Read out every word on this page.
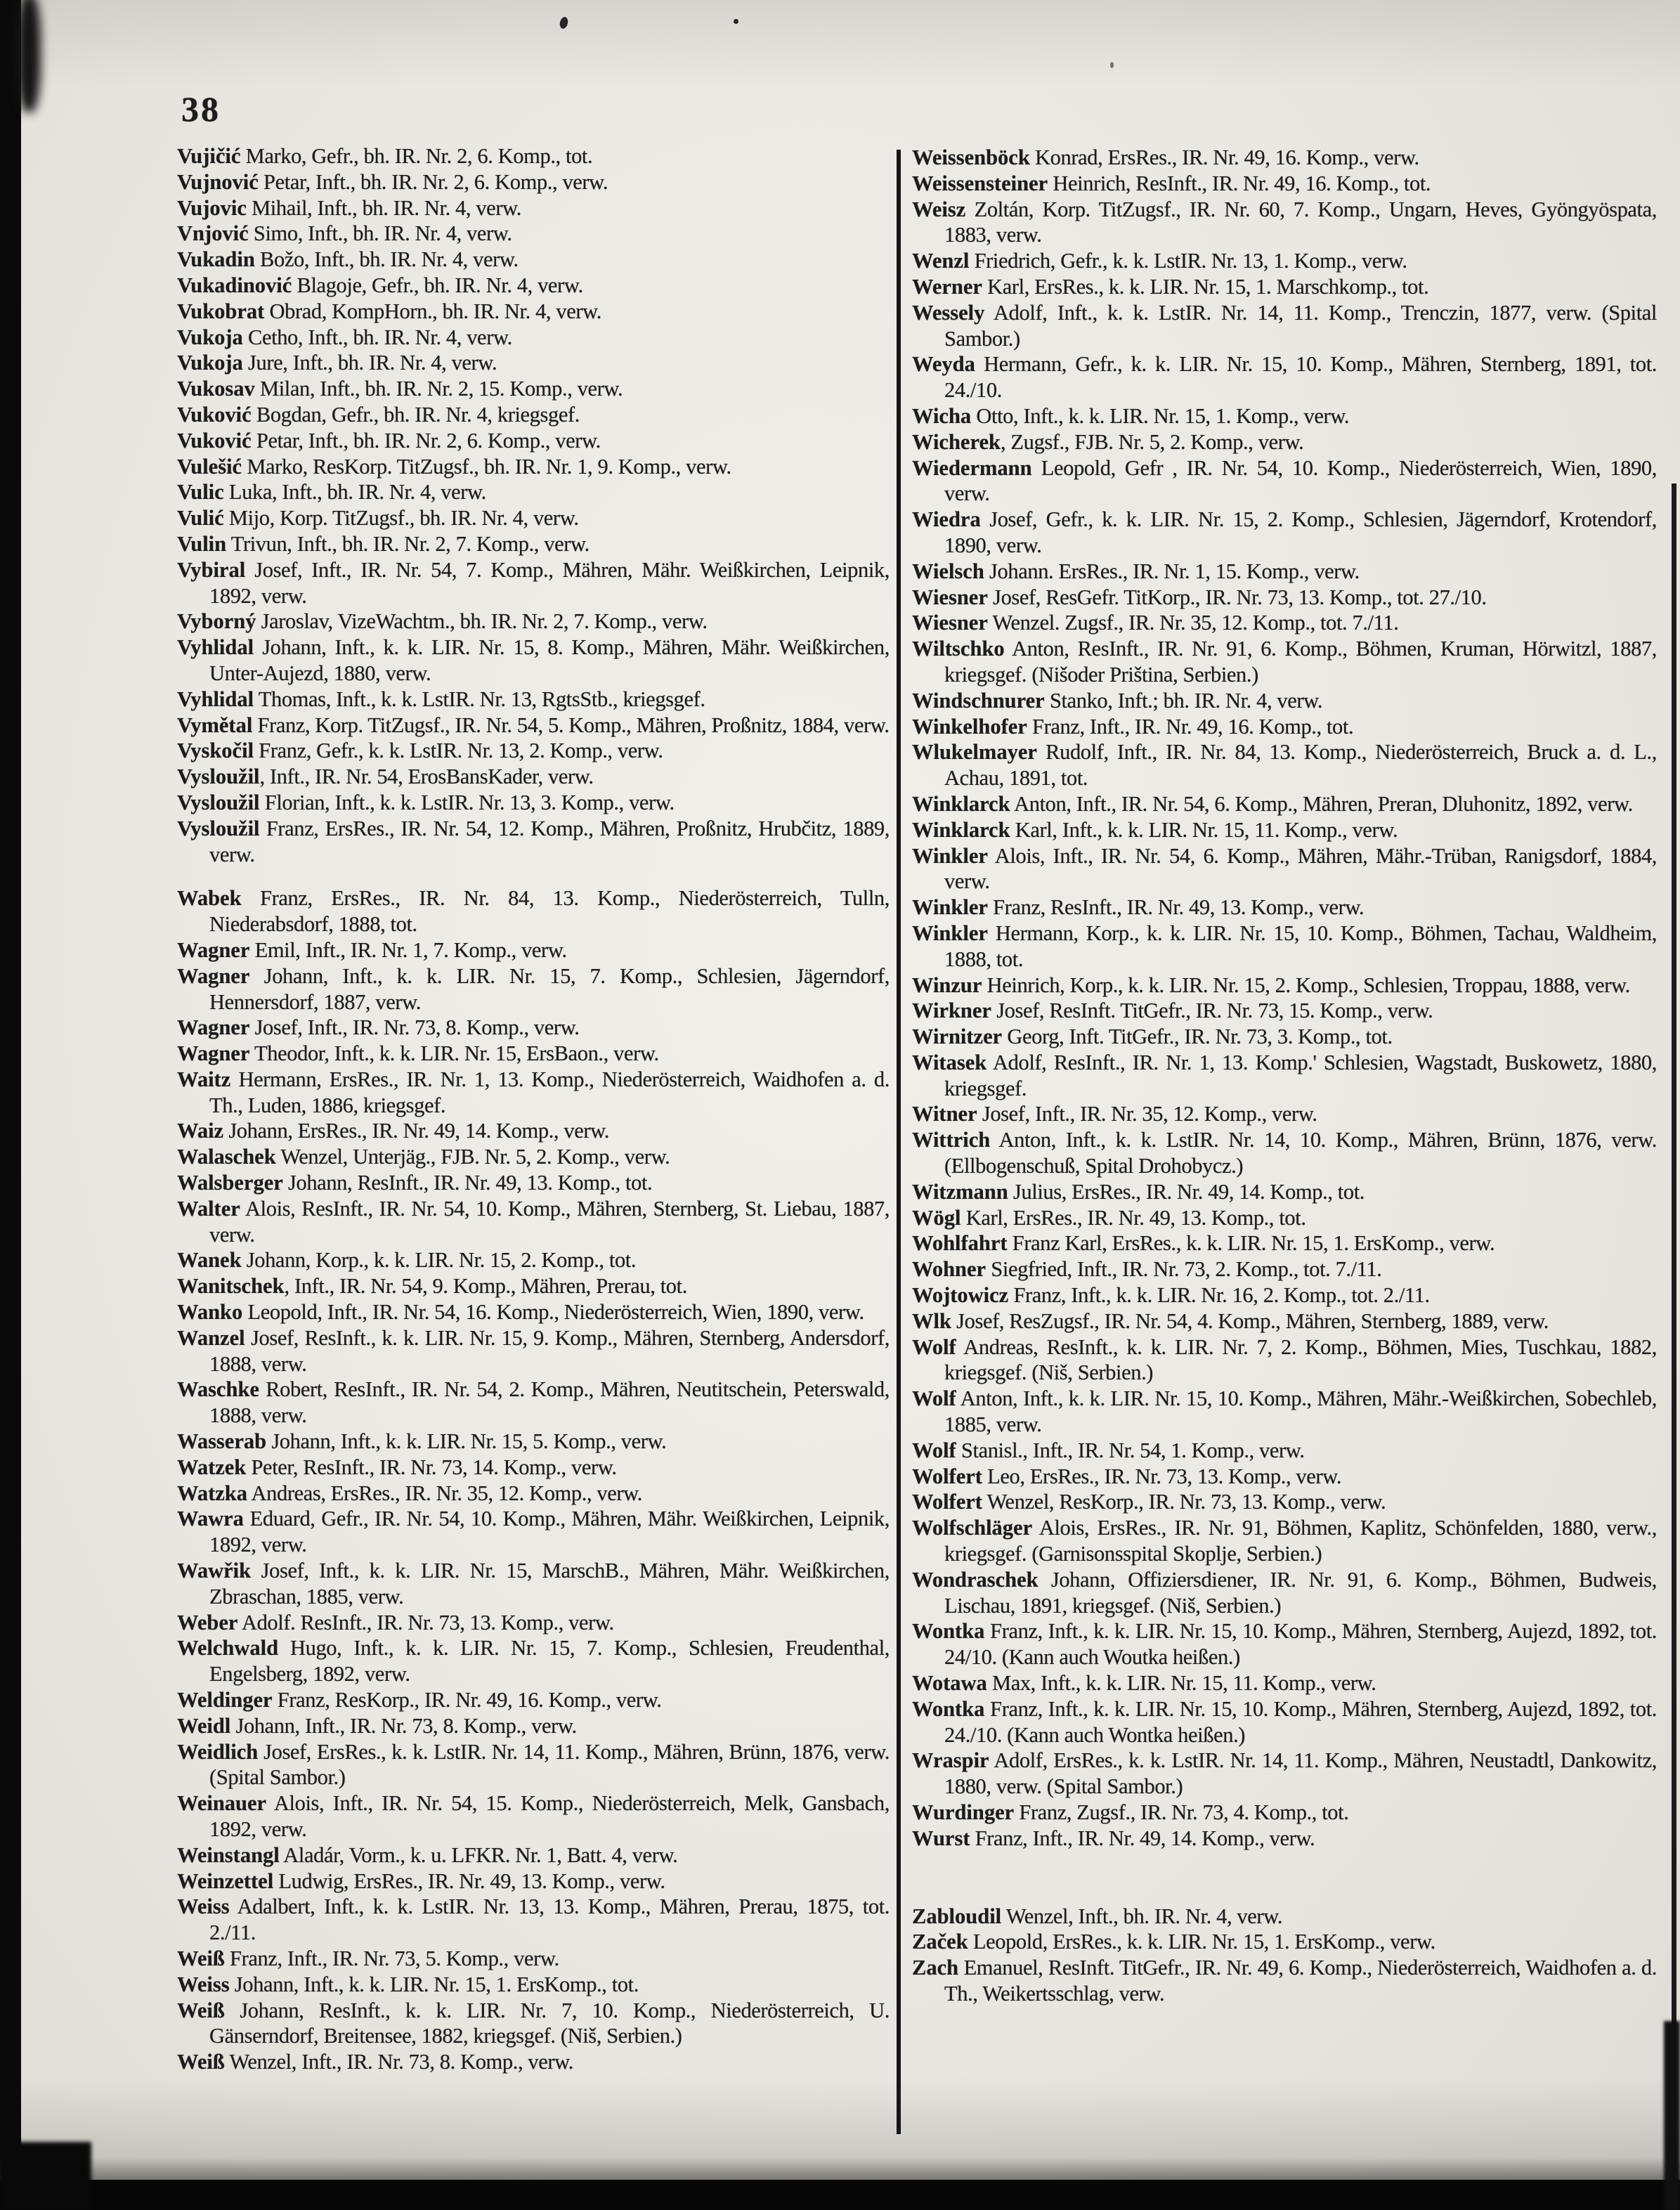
38

Vujičić Marko, Gefr., bh. IR. Nr. 2, 6. Komp., tot.

Vujnović Petar, Inft., bh. IR. Nr. 2, 6. Komp., verw.

Vujovic Mihail, Inft., bh. IR. Nr. 4, verw.

Vnjović Simo, Inft., bh. IR. Nr. 4, verw.

Vukadin Božo, Inft., bh. IR. Nr. 4, verw.

Vukadinović Blagoje, Gefr., bh. IR. Nr. 4, verw.

Vukobrat Obrad, KompHorn., bh. IR. Nr. 4, verw.

Vukoja Cetho, Inft., bh. IR. Nr. 4, verw.

Vukoja Jure, Inft., bh. IR. Nr. 4, verw.

Vukosav Milan, Inft., bh. IR. Nr. 2, 15. Komp., verw.

Vuković Bogdan, Gefr., bh. IR. Nr. 4, kriegsgef.

Vuković Petar, Inft., bh. IR. Nr. 2, 6. Komp., verw.

Vulešić Marko, ResKorp. TitZugsf., bh. IR. Nr. 1, 9. Komp., verw.

Vulic Luka, Inft., bh. IR. Nr. 4, verw.

Vulić Mijo, Korp. TitZugsf., bh. IR. Nr. 4, verw.

Vulin Trivun, Inft., bh. IR. Nr. 2, 7. Komp., verw.

Vybiral Josef, Inft., IR. Nr. 54, 7. Komp., Mähren, Mähr. Weißkirchen, Leipnik, 1892, verw.

Vyborný Jaroslav, VizeWachtm., bh. IR. Nr. 2, 7. Komp., verw.

Vyhlidal Johann, Inft., k. k. LIR. Nr. 15, 8. Komp., Mähren, Mähr. Weißkirchen, Unter-Aujezd, 1880, verw.

Vyhlidal Thomas, Inft., k. k. LstIR. Nr. 13, RgtsStb., kriegsgef.

Vymětal Franz, Korp. TitZugsf., IR. Nr. 54, 5. Komp., Mähren, Proßnitz, 1884, verw.

Vyskočil Franz, Gefr., k. k. LstIR. Nr. 13, 2. Komp., verw.

Vysloužil, Inft., IR. Nr. 54, ErosBansKader, verw.

Vysloužil Florian, Inft., k. k. LstIR. Nr. 13, 3. Komp., verw.

Vysloužil Franz, ErsRes., IR. Nr. 54, 12. Komp., Mähren, Proßnitz, Hrubčitz, 1889, verw.

Wabek Franz, ErsRes., IR. Nr. 84, 13. Komp., Niederösterreich, Tulln, Niederabsdorf, 1888, tot.

Wagner Emil, Inft., IR. Nr. 1, 7. Komp., verw.

Wagner Johann, Inft., k. k. LIR. Nr. 15, 7. Komp., Schlesien, Jägerndorf, Hennersdorf, 1887, verw.

Wagner Josef, Inft., IR. Nr. 73, 8. Komp., verw.

Wagner Theodor, Inft., k. k. LIR. Nr. 15, ErsBaon., verw.

Waitz Hermann, ErsRes., IR. Nr. 1, 13. Komp., Niederösterreich, Waidhofen a. d. Th., Luden, 1886, kriegsgef.

Waiz Johann, ErsRes., IR. Nr. 49, 14. Komp., verw.

Walaschek Wenzel, Unterjäg., FJB. Nr. 5, 2. Komp., verw.

Walsberger Johann, ResInft., IR. Nr. 49, 13. Komp., tot.

Walter Alois, ResInft., IR. Nr. 54, 10. Komp., Mähren, Sternberg, St. Liebau, 1887, verw.

Wanek Johann, Korp., k. k. LIR. Nr. 15, 2. Komp., tot.

Wanitschek, Inft., IR. Nr. 54, 9. Komp., Mähren, Prerau, tot.

Wanko Leopold, Inft., IR. Nr. 54, 16. Komp., Niederösterreich, Wien, 1890, verw.

Wanzel Josef, ResInft., k. k. LIR. Nr. 15, 9. Komp., Mähren, Sternberg, Andersdorf, 1888, verw.

Waschke Robert, ResInft., IR. Nr. 54, 2. Komp., Mähren, Neutitschein, Peterswald, 1888, verw.

Wasserab Johann, Inft., k. k. LIR. Nr. 15, 5. Komp., verw.

Watzek Peter, ResInft., IR. Nr. 73, 14. Komp., verw.

Watzka Andreas, ErsRes., IR. Nr. 35, 12. Komp., verw.

Wawra Eduard, Gefr., IR. Nr. 54, 10. Komp., Mähren, Mähr. Weißkirchen, Leipnik, 1892, verw.

Wawřik Josef, Inft., k. k. LIR. Nr. 15, MarschB., Mähren, Mähr. Weißkirchen, Zbraschan, 1885, verw.

Weber Adolf. ResInft., IR. Nr. 73, 13. Komp., verw.

Welchwald Hugo, Inft., k. k. LIR. Nr. 15, 7. Komp., Schlesien, Freudenthal, Engelsberg, 1892, verw.

Weldinger Franz, ResKorp., IR. Nr. 49, 16. Komp., verw.

Weidl Johann, Inft., IR. Nr. 73, 8. Komp., verw.

Weidlich Josef, ErsRes., k. k. LstIR. Nr. 14, 11. Komp., Mähren, Brünn, 1876, verw. (Spital Sambor.)

Weinauer Alois, Inft., IR. Nr. 54, 15. Komp., Niederösterreich, Melk, Gansbach, 1892, verw.

Weinstangl Aladár, Vorm., k. u. LFKR. Nr. 1, Batt. 4, verw.

Weinzettel Ludwig, ErsRes., IR. Nr. 49, 13. Komp., verw.

Weiss Adalbert, Inft., k. k. LstIR. Nr. 13, 13. Komp., Mähren, Prerau, 1875, tot. 2./11.

Weiß Franz, Inft., IR. Nr. 73, 5. Komp., verw.

Weiss Johann, Inft., k. k. LIR. Nr. 15, 1. ErsKomp., tot.

Weiß Johann, ResInft., k. k. LIR. Nr. 7, 10. Komp., Niederösterreich, U. Gänserndorf, Breitensee, 1882, kriegsgef. (Niš, Serbien.)

Weiß Wenzel, Inft., IR. Nr. 73, 8. Komp., verw.

Weissenböck Konrad, ErsRes., IR. Nr. 49, 16. Komp., verw.

Weissensteiner Heinrich, ResInft., IR. Nr. 49, 16. Komp., tot.

Weisz Zoltán, Korp. TitZugsf., IR. Nr. 60, 7. Komp., Ungarn, Heves, Gyöngyöspata, 1883, verw.

Wenzl Friedrich, Gefr., k. k. LstIR. Nr. 13, 1. Komp., verw.

Werner Karl, ErsRes., k. k. LIR. Nr. 15, 1. Marschkomp., tot.

Wessely Adolf, Inft., k. k. LstIR. Nr. 14, 11. Komp., Trenczin, 1877, verw. (Spital Sambor.)

Weyda Hermann, Gefr., k. k. LIR. Nr. 15, 10. Komp., Mähren, Sternberg, 1891, tot. 24./10.

Wicha Otto, Inft., k. k. LIR. Nr. 15, 1. Komp., verw.

Wicherek, Zugsf., FJB. Nr. 5, 2. Komp., verw.

Wiedermann Leopold, Gefr , IR. Nr. 54, 10. Komp., Niederösterreich, Wien, 1890, verw.

Wiedra Josef, Gefr., k. k. LIR. Nr. 15, 2. Komp., Schlesien, Jägerndorf, Krotendorf, 1890, verw.

Wielsch Johann. ErsRes., IR. Nr. 1, 15. Komp., verw.

Wiesner Josef, ResGefr. TitKorp., IR. Nr. 73, 13. Komp., tot. 27./10.

Wiesner Wenzel. Zugsf., IR. Nr. 35, 12. Komp., tot. 7./11.

Wiltschko Anton, ResInft., IR. Nr. 91, 6. Komp., Böhmen, Kruman, Hörwitzl, 1887, kriegsgef. (Nišoder Priština, Serbien.)

Windschnurer Stanko, Inft.; bh. IR. Nr. 4, verw.

Winkelhofer Franz, Inft., IR. Nr. 49, 16. Komp., tot.

Wlukelmayer Rudolf, Inft., IR. Nr. 84, 13. Komp., Niederösterreich, Bruck a. d. L., Achau, 1891, tot.

Winklarck Anton, Inft., IR. Nr. 54, 6. Komp., Mähren, Preran, Dluhonitz, 1892, verw.

Winklarck Karl, Inft., k. k. LIR. Nr. 15, 11. Komp., verw.

Winkler Alois, Inft., IR. Nr. 54, 6. Komp., Mähren, Mähr.-Trüban, Ranigsdorf, 1884, verw.

Winkler Franz, ResInft., IR. Nr. 49, 13. Komp., verw.

Winkler Hermann, Korp., k. k. LIR. Nr. 15, 10. Komp., Böhmen, Tachau, Waldheim, 1888, tot.

Winzur Heinrich, Korp., k. k. LIR. Nr. 15, 2. Komp., Schlesien, Troppau, 1888, verw.

Wirkner Josef, ResInft. TitGefr., IR. Nr. 73, 15. Komp., verw.

Wirnitzer Georg, Inft. TitGefr., IR. Nr. 73, 3. Komp., tot.

Witasek Adolf, ResInft., IR. Nr. 1, 13. Komp.' Schlesien, Wagstadt, Buskowetz, 1880, kriegsgef.

Witner Josef, Inft., IR. Nr. 35, 12. Komp., verw.

Wittrich Anton, Inft., k. k. LstIR. Nr. 14, 10. Komp., Mähren, Brünn, 1876, verw. (Ellbogenschuß, Spital Drohobycz.)

Witzmann Julius, ErsRes., IR. Nr. 49, 14. Komp., tot.

Wögl Karl, ErsRes., IR. Nr. 49, 13. Komp., tot.

Wohlfahrt Franz Karl, ErsRes., k. k. LIR. Nr. 15, 1. ErsKomp., verw.

Wohner Siegfried, Inft., IR. Nr. 73, 2. Komp., tot. 7./11.

Wojtowicz Franz, Inft., k. k. LIR. Nr. 16, 2. Komp., tot. 2./11.

Wlk Josef, ResZugsf., IR. Nr. 54, 4. Komp., Mähren, Sternberg, 1889, verw.

Wolf Andreas, ResInft., k. k. LIR. Nr. 7, 2. Komp., Böhmen, Mies, Tuschkau, 1882, kriegsgef. (Niš, Serbien.)

Wolf Anton, Inft., k. k. LIR. Nr. 15, 10. Komp., Mähren, Mähr.-Weißkirchen, Sobechleb, 1885, verw.

Wolf Stanisl., Inft., IR. Nr. 54, 1. Komp., verw.

Wolfert Leo, ErsRes., IR. Nr. 73, 13. Komp., verw.

Wolfert Wenzel, ResKorp., IR. Nr. 73, 13. Komp., verw.

Wolfschläger Alois, ErsRes., IR. Nr. 91, Böhmen, Kaplitz, Schönfelden, 1880, verw., kriegsgef. (Garnisonsspital Skoplje, Serbien.)

Wondraschek Johann, Offiziersdiener, IR. Nr. 91, 6. Komp., Böhmen, Budweis, Lischau, 1891, kriegsgef. (Niš, Serbien.)

Wontka Franz, Inft., k. k. LIR. Nr. 15, 10. Komp., Mähren, Sternberg, Aujezd, 1892, tot. 24/10. (Kann auch Woutka heißen.)

Wotawa Max, Inft., k. k. LIR. Nr. 15, 11. Komp., verw.

Wontka Franz, Inft., k. k. LIR. Nr. 15, 10. Komp., Mähren, Sternberg, Aujezd, 1892, tot. 24./10. (Kann auch Wontka heißen.)

Wraspir Adolf, ErsRes., k. k. LstIR. Nr. 14, 11. Komp., Mähren, Neustadtl, Dankowitz, 1880, verw. (Spital Sambor.)

Wurdinger Franz, Zugsf., IR. Nr. 73, 4. Komp., tot.

Wurst Franz, Inft., IR. Nr. 49, 14. Komp., verw.

Zabloudil Wenzel, Inft., bh. IR. Nr. 4, verw.

Začek Leopold, ErsRes., k. k. LIR. Nr. 15, 1. ErsKomp., verw.

Zach Emanuel, ResInft. TitGefr., IR. Nr. 49, 6. Komp., Niederösterreich, Waidhofen a. d. Th., Weikertsschlag, verw.
